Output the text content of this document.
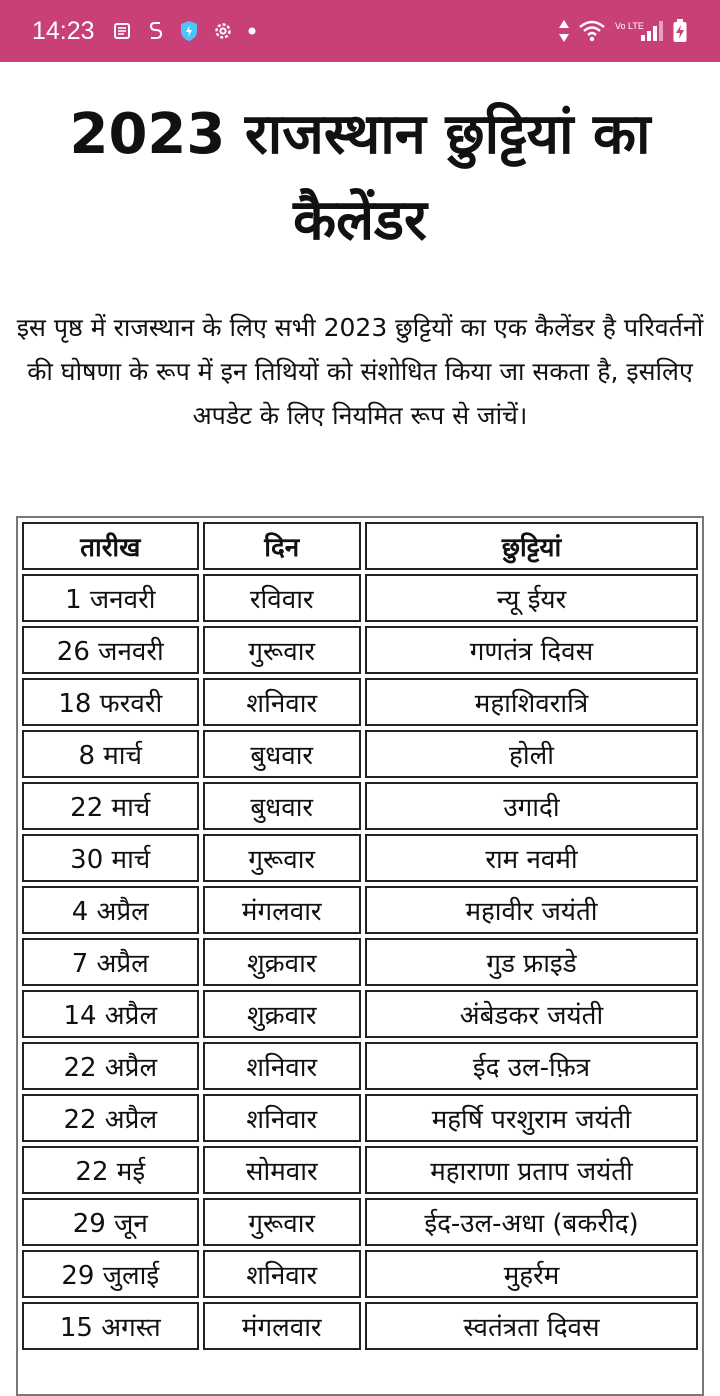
14:23	Vo LTE
2023 राजस्थान छुट्टियां का कैलेंडर

इस पृष्ठ में राजस्थान के लिए सभी 2023 छुट्टियों का एक कैलेंडर है परिवर्तनों की घोषणा के रूप में इन तिथियों को संशोधित किया जा सकता है, इसलिए अपडेट के लिए नियमित रूप से जांचें।

तारीख	दिन	छुट्टियां
1 जनवरी	रविवार	न्यू ईयर
26 जनवरी	गुरूवार	गणतंत्र दिवस
18 फरवरी	शनिवार	महाशिवरात्रि
8 मार्च	बुधवार	होली
22 मार्च	बुधवार	उगादी
30 मार्च	गुरूवार	राम नवमी
4 अप्रैल	मंगलवार	महावीर जयंती
7 अप्रैल	शुक्रवार	गुड फ्राइडे
14 अप्रैल	शुक्रवार	अंबेडकर जयंती
22 अप्रैल	शनिवार	ईद उल-फ़ित्र
22 अप्रैल	शनिवार	महर्षि परशुराम जयंती
22 मई	सोमवार	महाराणा प्रताप जयंती
29 जून	गुरूवार	ईद-उल-अधा (बकरीद)
29 जुलाई	शनिवार	मुहर्रम
15 अगस्त	मंगलवार	स्वतंत्रता दिवस
